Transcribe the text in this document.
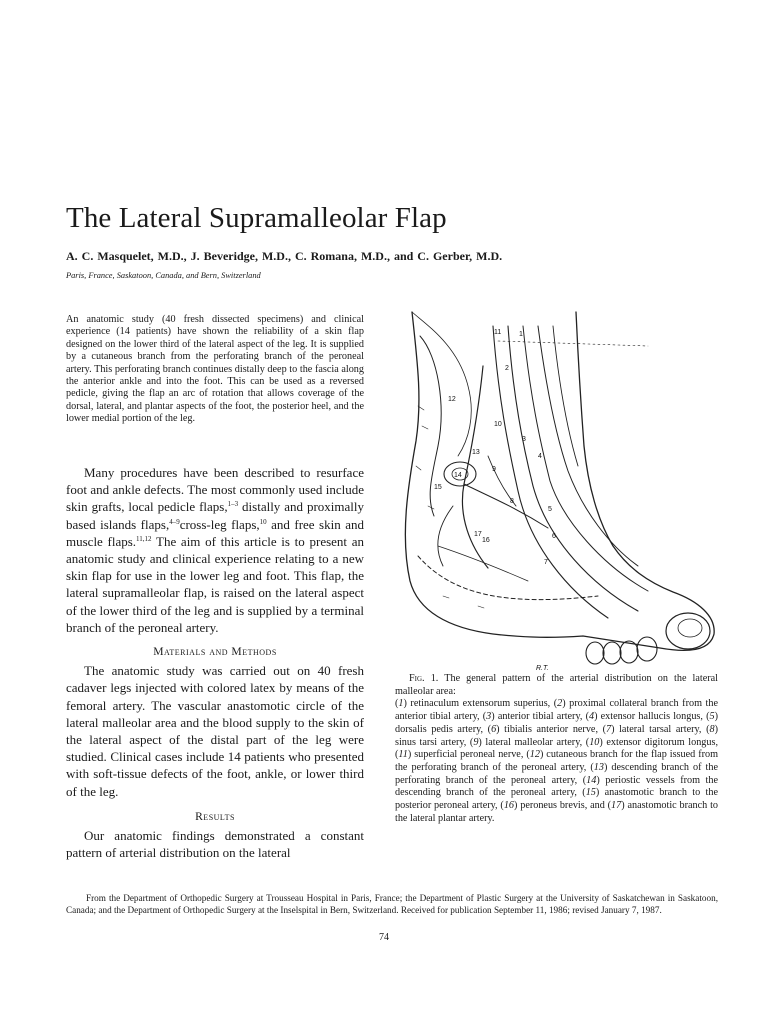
The Lateral Supramalleolar Flap
A. C. Masquelet, M.D., J. Beveridge, M.D., C. Romana, M.D., and C. Gerber, M.D.
Paris, France, Saskatoon, Canada, and Bern, Switzerland

An anatomic study (40 fresh dissected specimens) and clinical experience (14 patients) have shown the reliability of a skin flap designed on the lower third of the lateral aspect of the leg. It is supplied by a cutaneous branch from the perforating branch of the peroneal artery. This perforating branch continues distally deep to the fascia along the anterior ankle and into the foot. This can be used as a reversed pedicle, giving the flap an arc of rotation that allows coverage of the dorsal, lateral, and plantar aspects of the foot, the posterior heel, and the lower medial portion of the leg.

Many procedures have been described to resurface foot and ankle defects. The most commonly used include skin grafts, local pedicle flaps,$^{1-3}$ distally and proximally based islands flaps,$^{4-9}$cross-leg flaps,$^{10}$ and free skin and muscle flaps.$^{11,12}$ The aim of this article is to present an anatomic study and clinical experience relating to a new skin flap for use in the lower leg and foot. This flap, the lateral supramalleolar flap, is raised on the lateral aspect of the lower third of the leg and is supplied by a terminal branch of the peroneal artery.

Materials and Methods

The anatomic study was carried out on 40 fresh cadaver legs injected with colored latex by means of the femoral artery. The vascular anastomotic circle of the lateral malleolar area and the blood supply to the skin of the lateral aspect of the distal part of the leg were studied. Clinical cases include 14 patients who presented with soft-tissue defects of the foot, ankle, or lower third of the leg.

Results

Our anatomic findings demonstrated a constant pattern of arterial distribution on the lateral

1
2
3
4
5
6
7
8
9
10
11
12
13
14
15
16
17
R.T.

Fig. 1. The general pattern of the arterial distribution on the lateral malleolar area:

(1) retinaculum extensorum superius, (2) proximal collateral branch from the anterior tibial artery, (3) anterior tibial artery, (4) extensor hallucis longus, (5) dorsalis pedis artery, (6) tibialis anterior nerve, (7) lateral tarsal artery, (8) sinus tarsi artery, (9) lateral malleolar artery, (10) extensor digitorum longus, (11) superficial peroneal nerve, (12) cutaneous branch for the flap issued from the perforating branch of the peroneal artery, (13) descending branch of the perforating branch of the peroneal artery, (14) periostic vessels from the descending branch of the peroneal artery, (15) anastomotic branch to the posterior peroneal artery, (16) peroneus brevis, and (17) anastomotic branch to the lateral plantar artery.

From the Department of Orthopedic Surgery at Trousseau Hospital in Paris, France; the Department of Plastic Surgery at the University of Saskatchewan in Saskatoon, Canada; and the Department of Orthopedic Surgery at the Inselspital in Bern, Switzerland. Received for publication September 11, 1986; revised January 7, 1987.
74
